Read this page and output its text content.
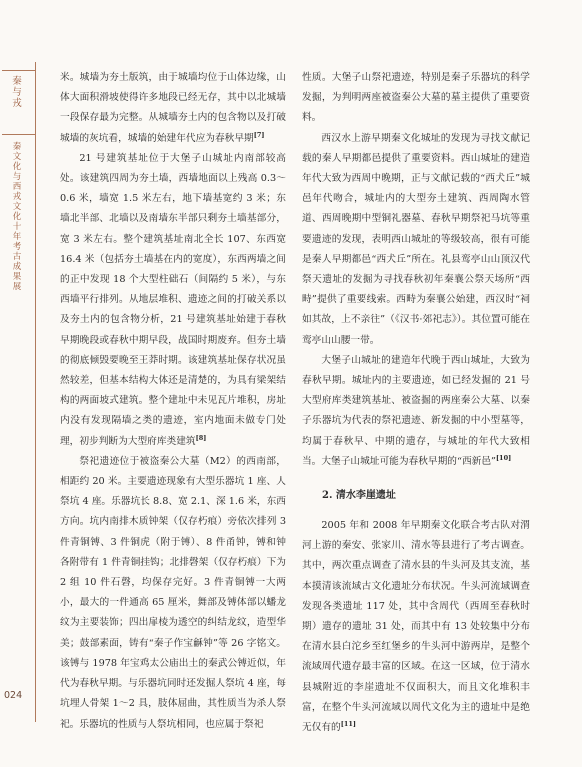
秦
与
戎
秦
文
化
与
西
戎
文
化
十
年
考
古
成
果
展
024

米。城墙为夯土版筑，由于城墙均位于山体边缘，山体大面积滑坡使得许多地段已经无存，其中以北城墙一段保存最为完整。从城墙夯土内的包含物以及打破城墙的灰坑看，城墙的始建年代应为春秋早期[7]

21 号建筑基址位于大堡子山城址内南部较高处。该建筑四周为夯土墙，西墙地面以上残高 0.3～0.6 米，墙宽 1.5 米左右，地下墙基宽约 3 米；东墙北半部、北墙以及南墙东半部只剩夯土墙基部分，宽 3 米左右。整个建筑基址南北全长 107、东西宽 16.4 米（包括夯土墙基在内的宽度），东西两墙之间的正中发现 18 个大型柱础石（间隔约 5 米），与东西墙平行排列。从地层堆积、遗迹之间的打破关系以及夯土内的包含物分析，21 号建筑基址始建于春秋早期晚段或春秋中期早段，战国时期废弃。但夯土墙的彻底倾毁要晚至王莽时期。该建筑基址保存状况虽然较差，但基本结构大体还是清楚的，为具有梁架结构的两面坡式建筑。整个建址中未见瓦片堆积，房址内没有发现隔墙之类的遗迹，室内地面未做专门处理，初步判断为大型府库类建筑[8]

祭祀遗迹位于被盗秦公大墓（M2）的西南部，相距约 20 米。主要遗迹现象有大型乐器坑 1 座、人祭坑 4 座。乐器坑长 8.8、宽 2.1、深 1.6 米，东西方向。坑内南排木质钟架（仅存朽痕）旁依次排列 3 件青铜镈、3 件铜虎（附于镈）、8 件甬钟，镈和钟各附带有 1 件青铜挂钩；北排磬架（仅存朽痕）下为 2 组 10 件石磬，均保存完好。3 件青铜镈一大两小，最大的一件通高 65 厘米，舞部及镈体部以蟠龙纹为主要装饰；四出扉棱为透空的纠结龙纹，造型华美；鼓部素面，铸有“秦子作宝龢钟”等 26 字铭文。该镈与 1978 年宝鸡太公庙出土的秦武公镈近似，年代为春秋早期。与乐器坑同时还发掘人祭坑 4 座，每坑埋人骨架 1～2 具，肢体屈曲，其性质当为杀人祭祀。乐器坑的性质与人祭坑相同，也应属于祭祀

性质。大堡子山祭祀遗迹，特别是秦子乐器坑的科学发掘，为判明两座被盗秦公大墓的墓主提供了重要资料。

西汉水上游早期秦文化城址的发现为寻找文献记载的秦人早期都邑提供了重要资料。西山城址的建造年代大致为西周中晚期，正与文献记载的“西犬丘”城邑年代吻合，城址内的大型夯土建筑、西周陶水管道、西周晚期中型铜礼器墓、春秋早期祭祀马坑等重要遗迹的发现，表明西山城址的等级较高，很有可能是秦人早期都邑“西犬丘”所在。礼县鸾亭山山顶汉代祭天遗址的发掘为寻找春秋初年秦襄公祭天场所“西畤”提供了重要线索。西畤为秦襄公始建，西汉时“祠如其故，上不亲往”（《汉书·郊祀志》）。其位置可能在鸾亭山山腰一带。

大堡子山城址的建造年代晚于西山城址，大致为春秋早期。城址内的主要遗迹，如已经发掘的 21 号大型府库类建筑基址、被盗掘的两座秦公大墓、以秦子乐器坑为代表的祭祀遗迹、新发掘的中小型墓等，均属于春秋早、中期的遗存，与城址的年代大致相当。大堡子山城址可能为春秋早期的“西新邑”[10]

2. 清水李崖遗址

2005 年和 2008 年早期秦文化联合考古队对渭河上游的秦安、张家川、清水等县进行了考古调查。其中，两次重点调查了清水县的牛头河及其支流，基本摸清该流域古文化遗址分布状况。牛头河流域调查发现各类遗址 117 处，其中含周代（西周至春秋时期）遗存的遗址 31 处，而其中有 13 处较集中分布在清水县白沱乡至红堡乡的牛头河中游两岸，是整个流域周代遗存最丰富的区域。在这一区域，位于清水县城附近的李崖遗址不仅面积大，而且文化堆积丰富，在整个牛头河流域以周代文化为主的遗址中是绝无仅有的[11]
